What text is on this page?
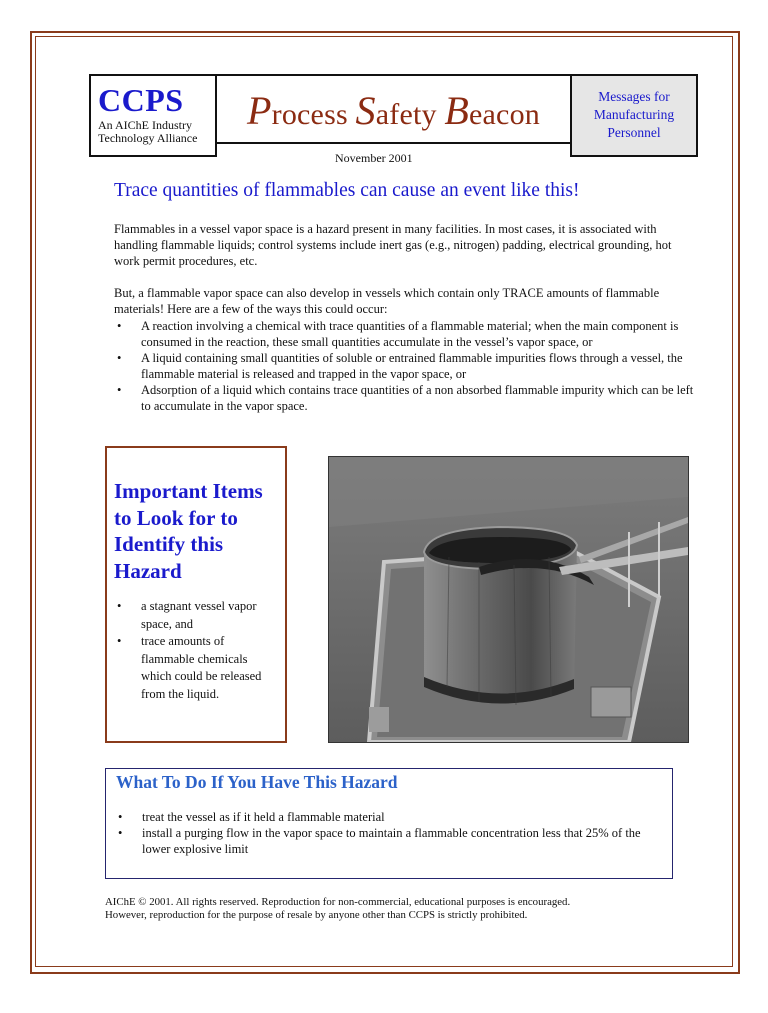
CCPS
An AIChE Industry
Technology Alliance
Process Safety Beacon
Messages for
Manufacturing
Personnel
November 2001
Trace quantities of flammables can cause an event like this!
Flammables in a vessel vapor space is a hazard present in many facilities. In most cases, it is associated with handling flammable liquids; control systems include inert gas (e.g., nitrogen) padding, electrical grounding, hot work permit procedures, etc.
But, a flammable vapor space can also develop in vessels which contain only TRACE amounts of flammable materials! Here are a few of the ways this could occur:
• A reaction involving a chemical with trace quantities of a flammable material; when the main component is consumed in the reaction, these small quantities accumulate in the vessel’s vapor space, or
• A liquid containing small quantities of soluble or entrained flammable impurities flows through a vessel, the flammable material is released and trapped in the vapor space, or
• Adsorption of a liquid which contains trace quantities of a non absorbed flammable impurity which can be left to accumulate in the vapor space.
Important Items to Look for to Identify this Hazard
• a stagnant vessel vapor space, and
• trace amounts of flammable chemicals which could be released from the liquid.
What To Do If You Have This Hazard
• treat the vessel as if it held a flammable material
• install a purging flow in the vapor space to maintain a flammable concentration less that 25% of the lower explosive limit
AIChE © 2001. All rights reserved. Reproduction for non-commercial, educational purposes is encouraged.
However, reproduction for the purpose of resale by anyone other than CCPS is strictly prohibited.
